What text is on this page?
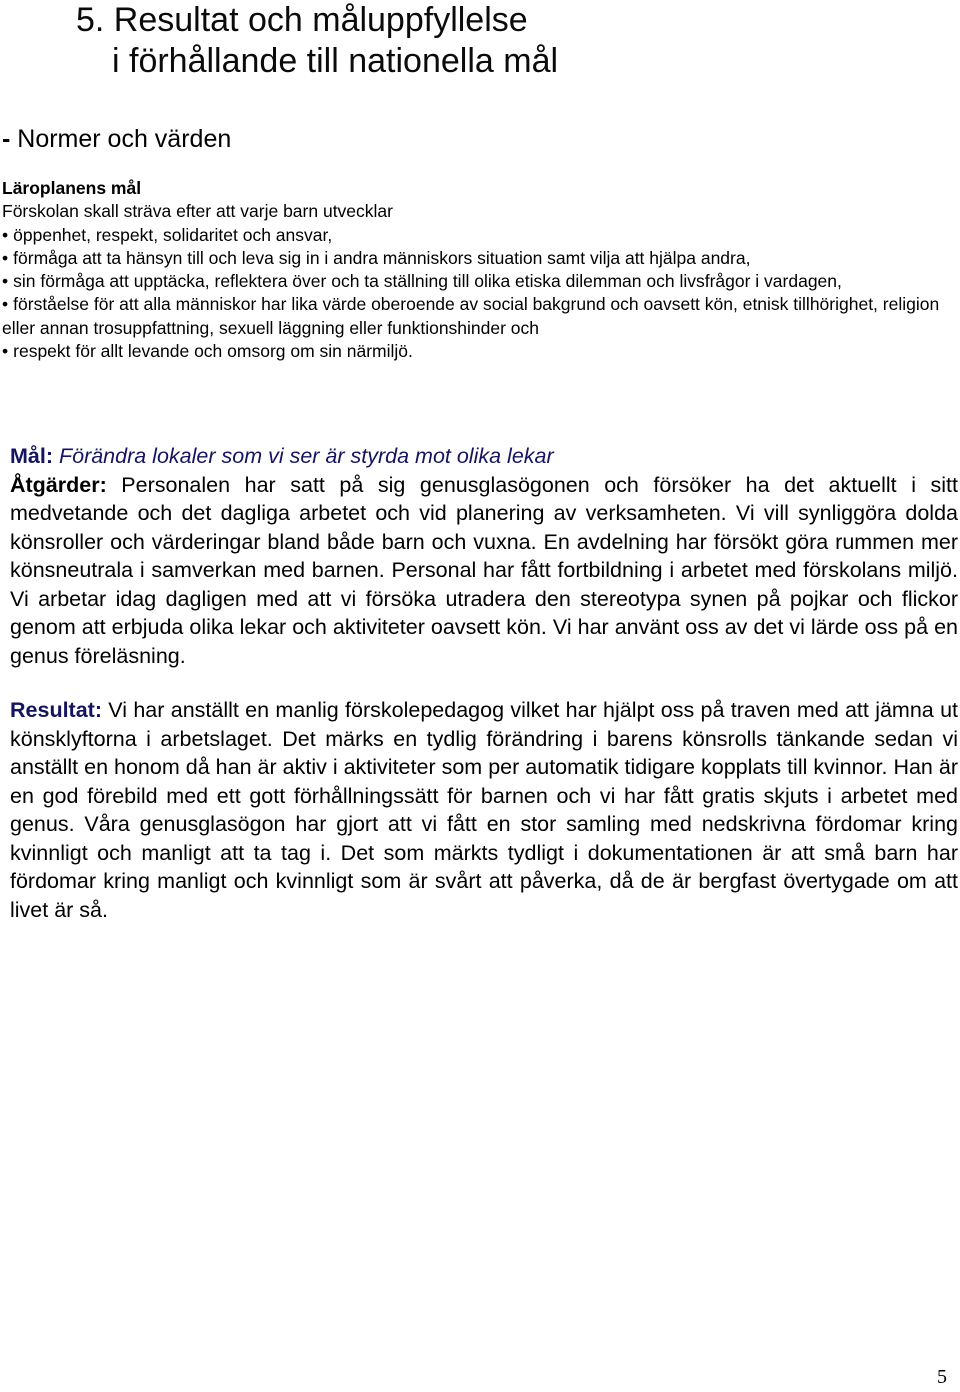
5. Resultat och måluppfyllelse
i förhållande till nationella mål
- Normer och värden
Läroplanens mål
Förskolan skall sträva efter att varje barn utvecklar
• öppenhet, respekt, solidaritet och ansvar,
• förmåga att ta hänsyn till och leva sig in i andra människors situation samt vilja att hjälpa andra,
• sin förmåga att upptäcka, reflektera över och ta ställning till olika etiska dilemman och livsfrågor i vardagen,
• förståelse för att alla människor har lika värde oberoende av social bakgrund och oavsett kön, etnisk tillhörighet, religion eller annan trosuppfattning, sexuell läggning eller funktionshinder och
• respekt för allt levande och omsorg om sin närmiljö.
Mål: Förändra lokaler som vi ser är styrda mot olika lekar
Åtgärder: Personalen har satt på sig genusglasögonen och försöker ha det aktuellt i sitt medvetande och det dagliga arbetet och vid planering av verksamheten. Vi vill synliggöra dolda könsroller och värderingar bland både barn och vuxna. En avdelning har försökt göra rummen mer könsneutrala i samverkan med barnen. Personal har fått fortbildning i arbetet med förskolans miljö. Vi arbetar idag dagligen med att vi försöka utradera den stereotypa synen på pojkar och flickor genom att erbjuda olika lekar och aktiviteter oavsett kön. Vi har använt oss av det vi lärde oss på en genus föreläsning.
Resultat: Vi har anställt en manlig förskolepedagog vilket har hjälpt oss på traven med att jämna ut könsklyftorna i arbetslaget. Det märks en tydlig förändring i barens könsrolls tänkande sedan vi anställt en honom då han är aktiv i aktiviteter som per automatik tidigare kopplats till kvinnor. Han är en god förebild med ett gott förhållningssätt för barnen och vi har fått gratis skjuts i arbetet med genus. Våra genusglasögon har gjort att vi fått en stor samling med nedskrivna fördomar kring kvinnligt och manligt att ta tag i. Det som märkts tydligt i dokumentationen är att små barn har fördomar kring manligt och kvinnligt som är svårt att påverka, då de är bergfast övertygade om att livet är så.
5
